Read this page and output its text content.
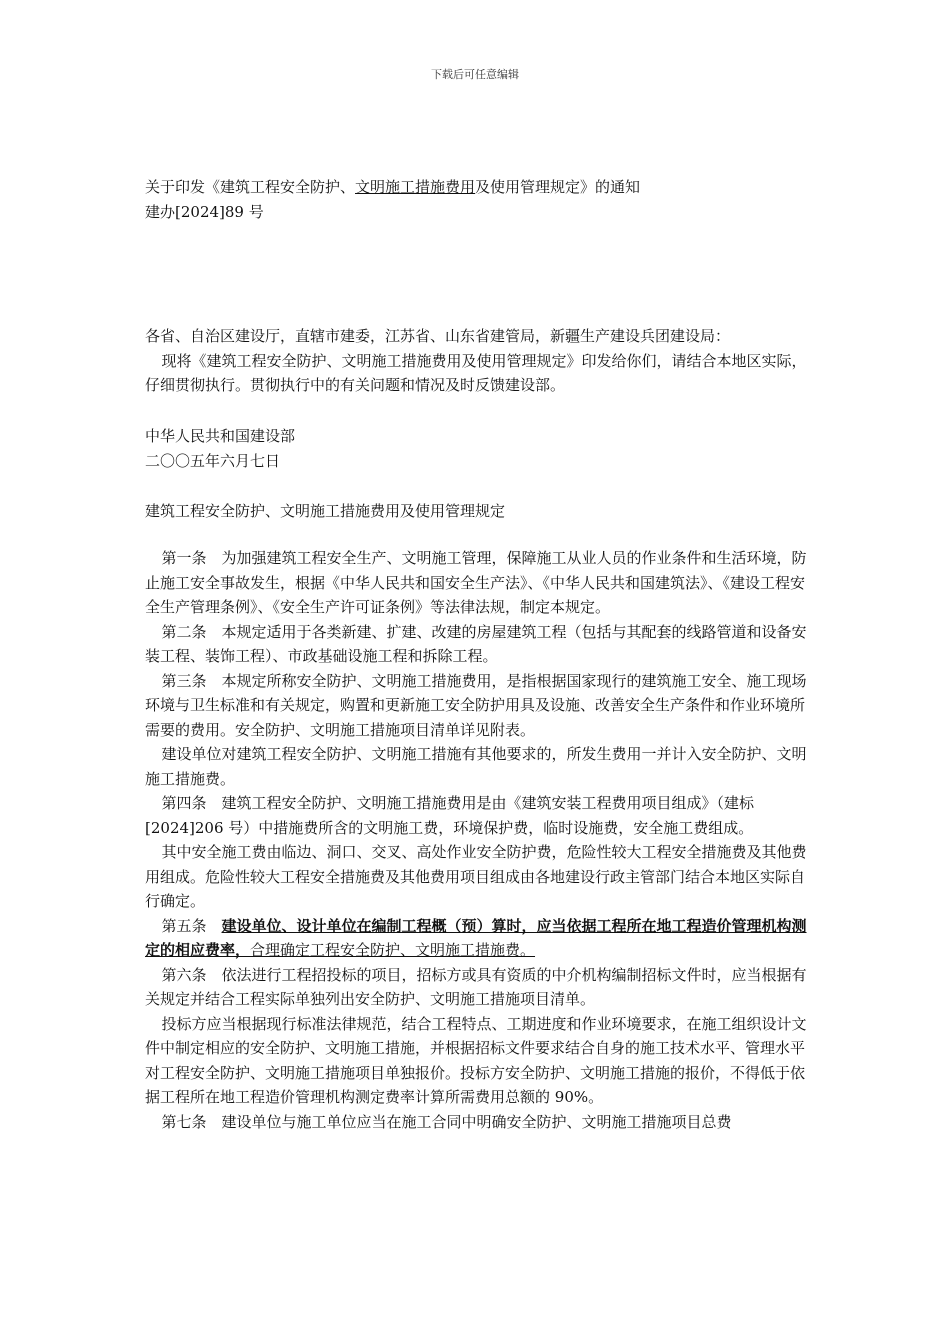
下载后可任意编辑

关于印发《建筑工程安全防护、文明施工措施费用及使用管理规定》的通知

建办[2024]89 号

各省、自治区建设厅，直辖市建委，江苏省、山东省建管局，新疆生产建设兵团建设局：

现将《建筑工程安全防护、文明施工措施费用及使用管理规定》印发给你们，请结合本地区实际，仔细贯彻执行。贯彻执行中的有关问题和情况及时反馈建设部。

中华人民共和国建设部

二〇〇五年六月七日

建筑工程安全防护、文明施工措施费用及使用管理规定

第一条　为加强建筑工程安全生产、文明施工管理，保障施工从业人员的作业条件和生活环境，防止施工安全事故发生，根据《中华人民共和国安全生产法》、《中华人民共和国建筑法》、《建设工程安全生产管理条例》、《安全生产许可证条例》等法律法规，制定本规定。

第二条　本规定适用于各类新建、扩建、改建的房屋建筑工程（包括与其配套的线路管道和设备安装工程、装饰工程）、市政基础设施工程和拆除工程。

第三条　本规定所称安全防护、文明施工措施费用，是指根据国家现行的建筑施工安全、施工现场环境与卫生标准和有关规定，购置和更新施工安全防护用具及设施、改善安全生产条件和作业环境所需要的费用。安全防护、文明施工措施项目清单详见附表。

建设单位对建筑工程安全防护、文明施工措施有其他要求的，所发生费用一并计入安全防护、文明施工措施费。

第四条　建筑工程安全防护、文明施工措施费用是由《建筑安装工程费用项目组成》（建标[2024]206 号）中措施费所含的文明施工费，环境保护费，临时设施费，安全施工费组成。

其中安全施工费由临边、洞口、交叉、高处作业安全防护费，危险性较大工程安全措施费及其他费用组成。危险性较大工程安全措施费及其他费用项目组成由各地建设行政主管部门结合本地区实际自行确定。

第五条　建设单位、设计单位在编制工程概（预）算时，应当依据工程所在地工程造价管理机构测定的相应费率，合理确定工程安全防护、文明施工措施费。

第六条　依法进行工程招投标的项目，招标方或具有资质的中介机构编制招标文件时，应当根据有关规定并结合工程实际单独列出安全防护、文明施工措施项目清单。

投标方应当根据现行标准法律规范，结合工程特点、工期进度和作业环境要求，在施工组织设计文件中制定相应的安全防护、文明施工措施，并根据招标文件要求结合自身的施工技术水平、管理水平对工程安全防护、文明施工措施项目单独报价。投标方安全防护、文明施工措施的报价，不得低于依据工程所在地工程造价管理机构测定费率计算所需费用总额的 90%。

第七条　建设单位与施工单位应当在施工合同中明确安全防护、文明施工措施项目总费
